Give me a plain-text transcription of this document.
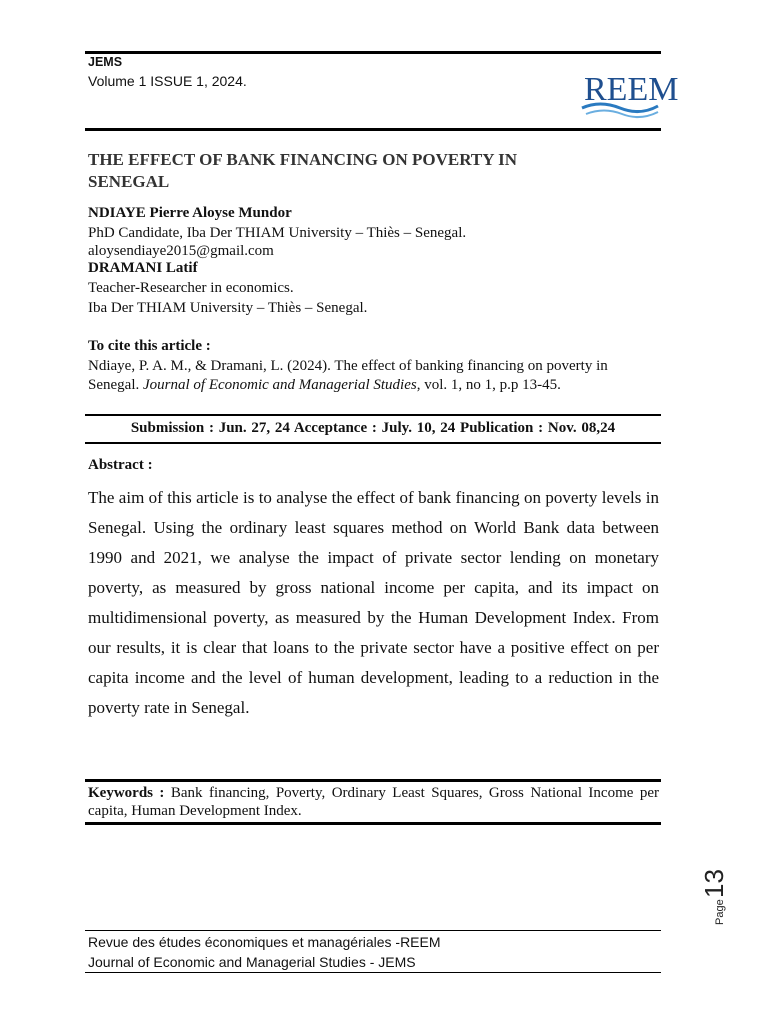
JEMS
Volume 1 ISSUE 1, 2024.	REEM
THE EFFECT OF BANK FINANCING ON POVERTY IN
SENEGAL
NDIAYE Pierre Aloyse Mundor
PhD Candidate, Iba Der THIAM University – Thiès – Senegal.
aloysendiaye2015@gmail.com
DRAMANI Latif
Teacher-Researcher in economics.
Iba Der THIAM University – Thiès – Senegal.
To cite this article :
Ndiaye, P. A. M., & Dramani, L. (2024). The effect of banking financing on poverty in Senegal. Journal of Economic and Managerial Studies, vol. 1, no 1, p.p 13-45.
Submission : Jun. 27, 24 Acceptance : July. 10, 24 Publication : Nov. 08,24
Abstract :
The aim of this article is to analyse the effect of bank financing on poverty levels in Senegal. Using the ordinary least squares method on World Bank data between 1990 and 2021, we analyse the impact of private sector lending on monetary poverty, as measured by gross national income per capita, and its impact on multidimensional poverty, as measured by the Human Development Index. From our results, it is clear that loans to the private sector have a positive effect on per capita income and the level of human development, leading to a reduction in the poverty rate in Senegal.
Keywords : Bank financing, Poverty, Ordinary Least Squares, Gross National Income per capita, Human Development Index.
Page
13
Revue des études économiques et managériales -REEM
Journal of Economic and Managerial Studies - JEMS
